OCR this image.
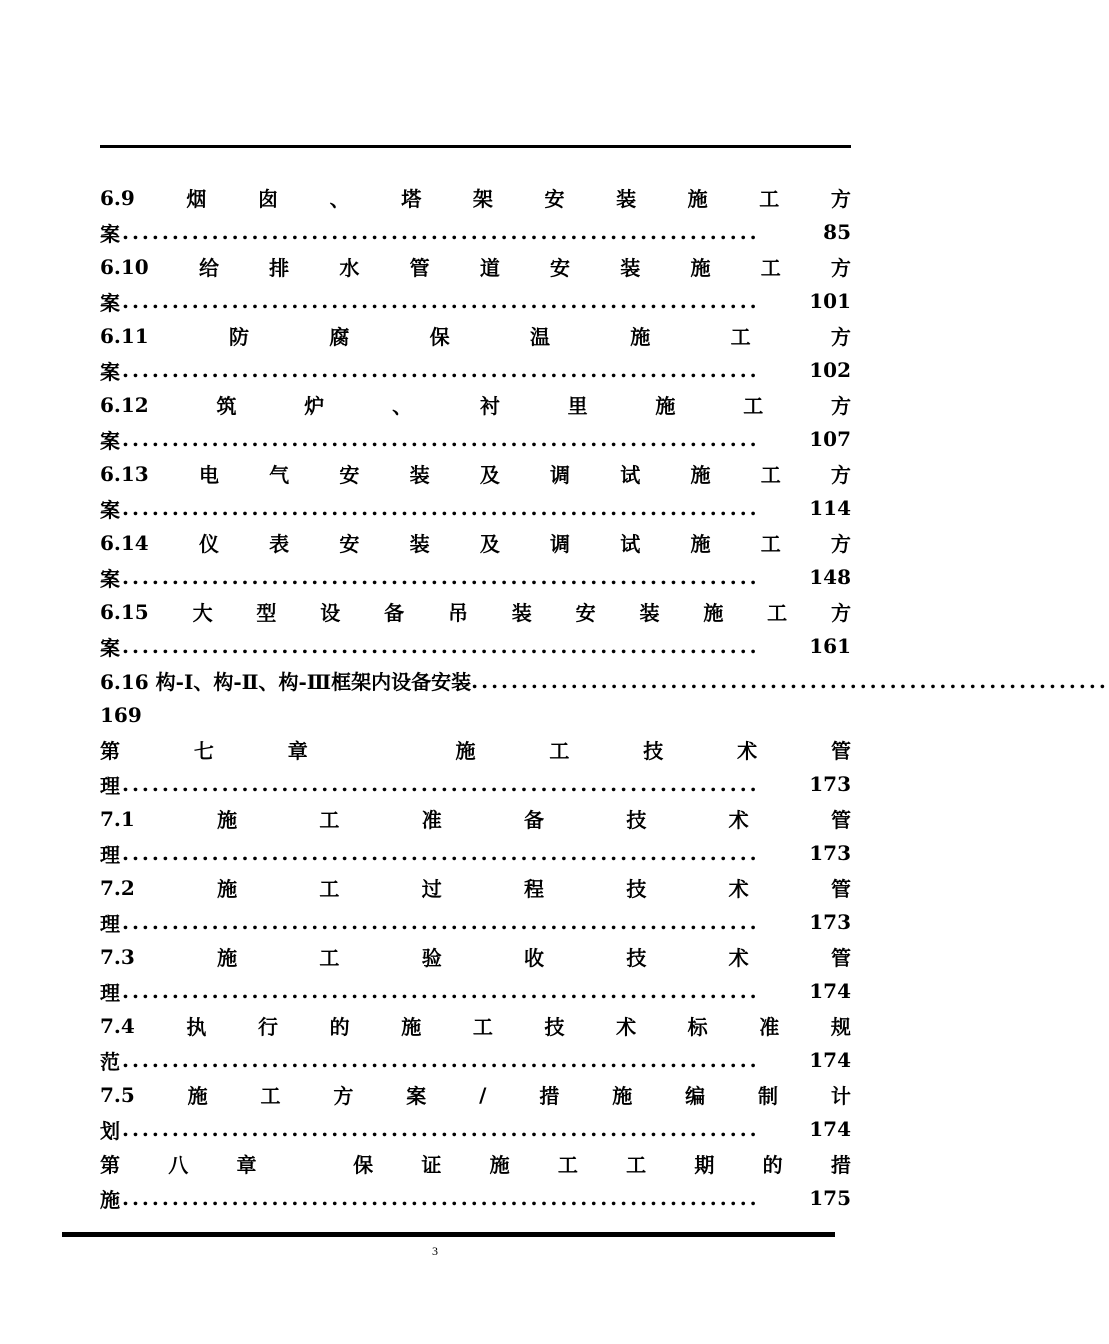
6.9	烟	囱	、	塔	架	安	装	施	工	方
案 ................................................................	85
6.10	给	排	水	管	道	安	装	施	工	方
案 ................................................................	101
6.11	防	腐	保	温	施	工	方
案 ................................................................	102
6.12	筑	炉	、	衬	里	施	工	方
案 ................................................................	107
6.13	电	气	安	装	及	调	试	施	工	方
案 ................................................................	114
6.14	仪	表	安	装	及	调	试	施	工	方
案 ................................................................	148
6.15 大 型 设 备 吊 装 安 装 施 工 方
案 ................................................................	161
6.16 构-Ⅰ、构-Ⅱ、构-Ⅲ框架内设备安装 ................................................................
169
第	七	章	施	工	技	术	管
理 ................................................................	173
7.1	施	工	准	备	技	术	管
理 ................................................................	173
7.2	施	工	过	程	技	术	管
理 ................................................................	173
7.3	施	工	验	收	技	术	管
理 ................................................................	174
7.4	执	行	的	施	工	技	术	标	准	规
范 ................................................................	174
7.5	施	工	方	案	/	措	施	编	制	计
划 ................................................................	174
第 八 章	保 证 施 工 工 期 的 措
施 ................................................................	175
3
